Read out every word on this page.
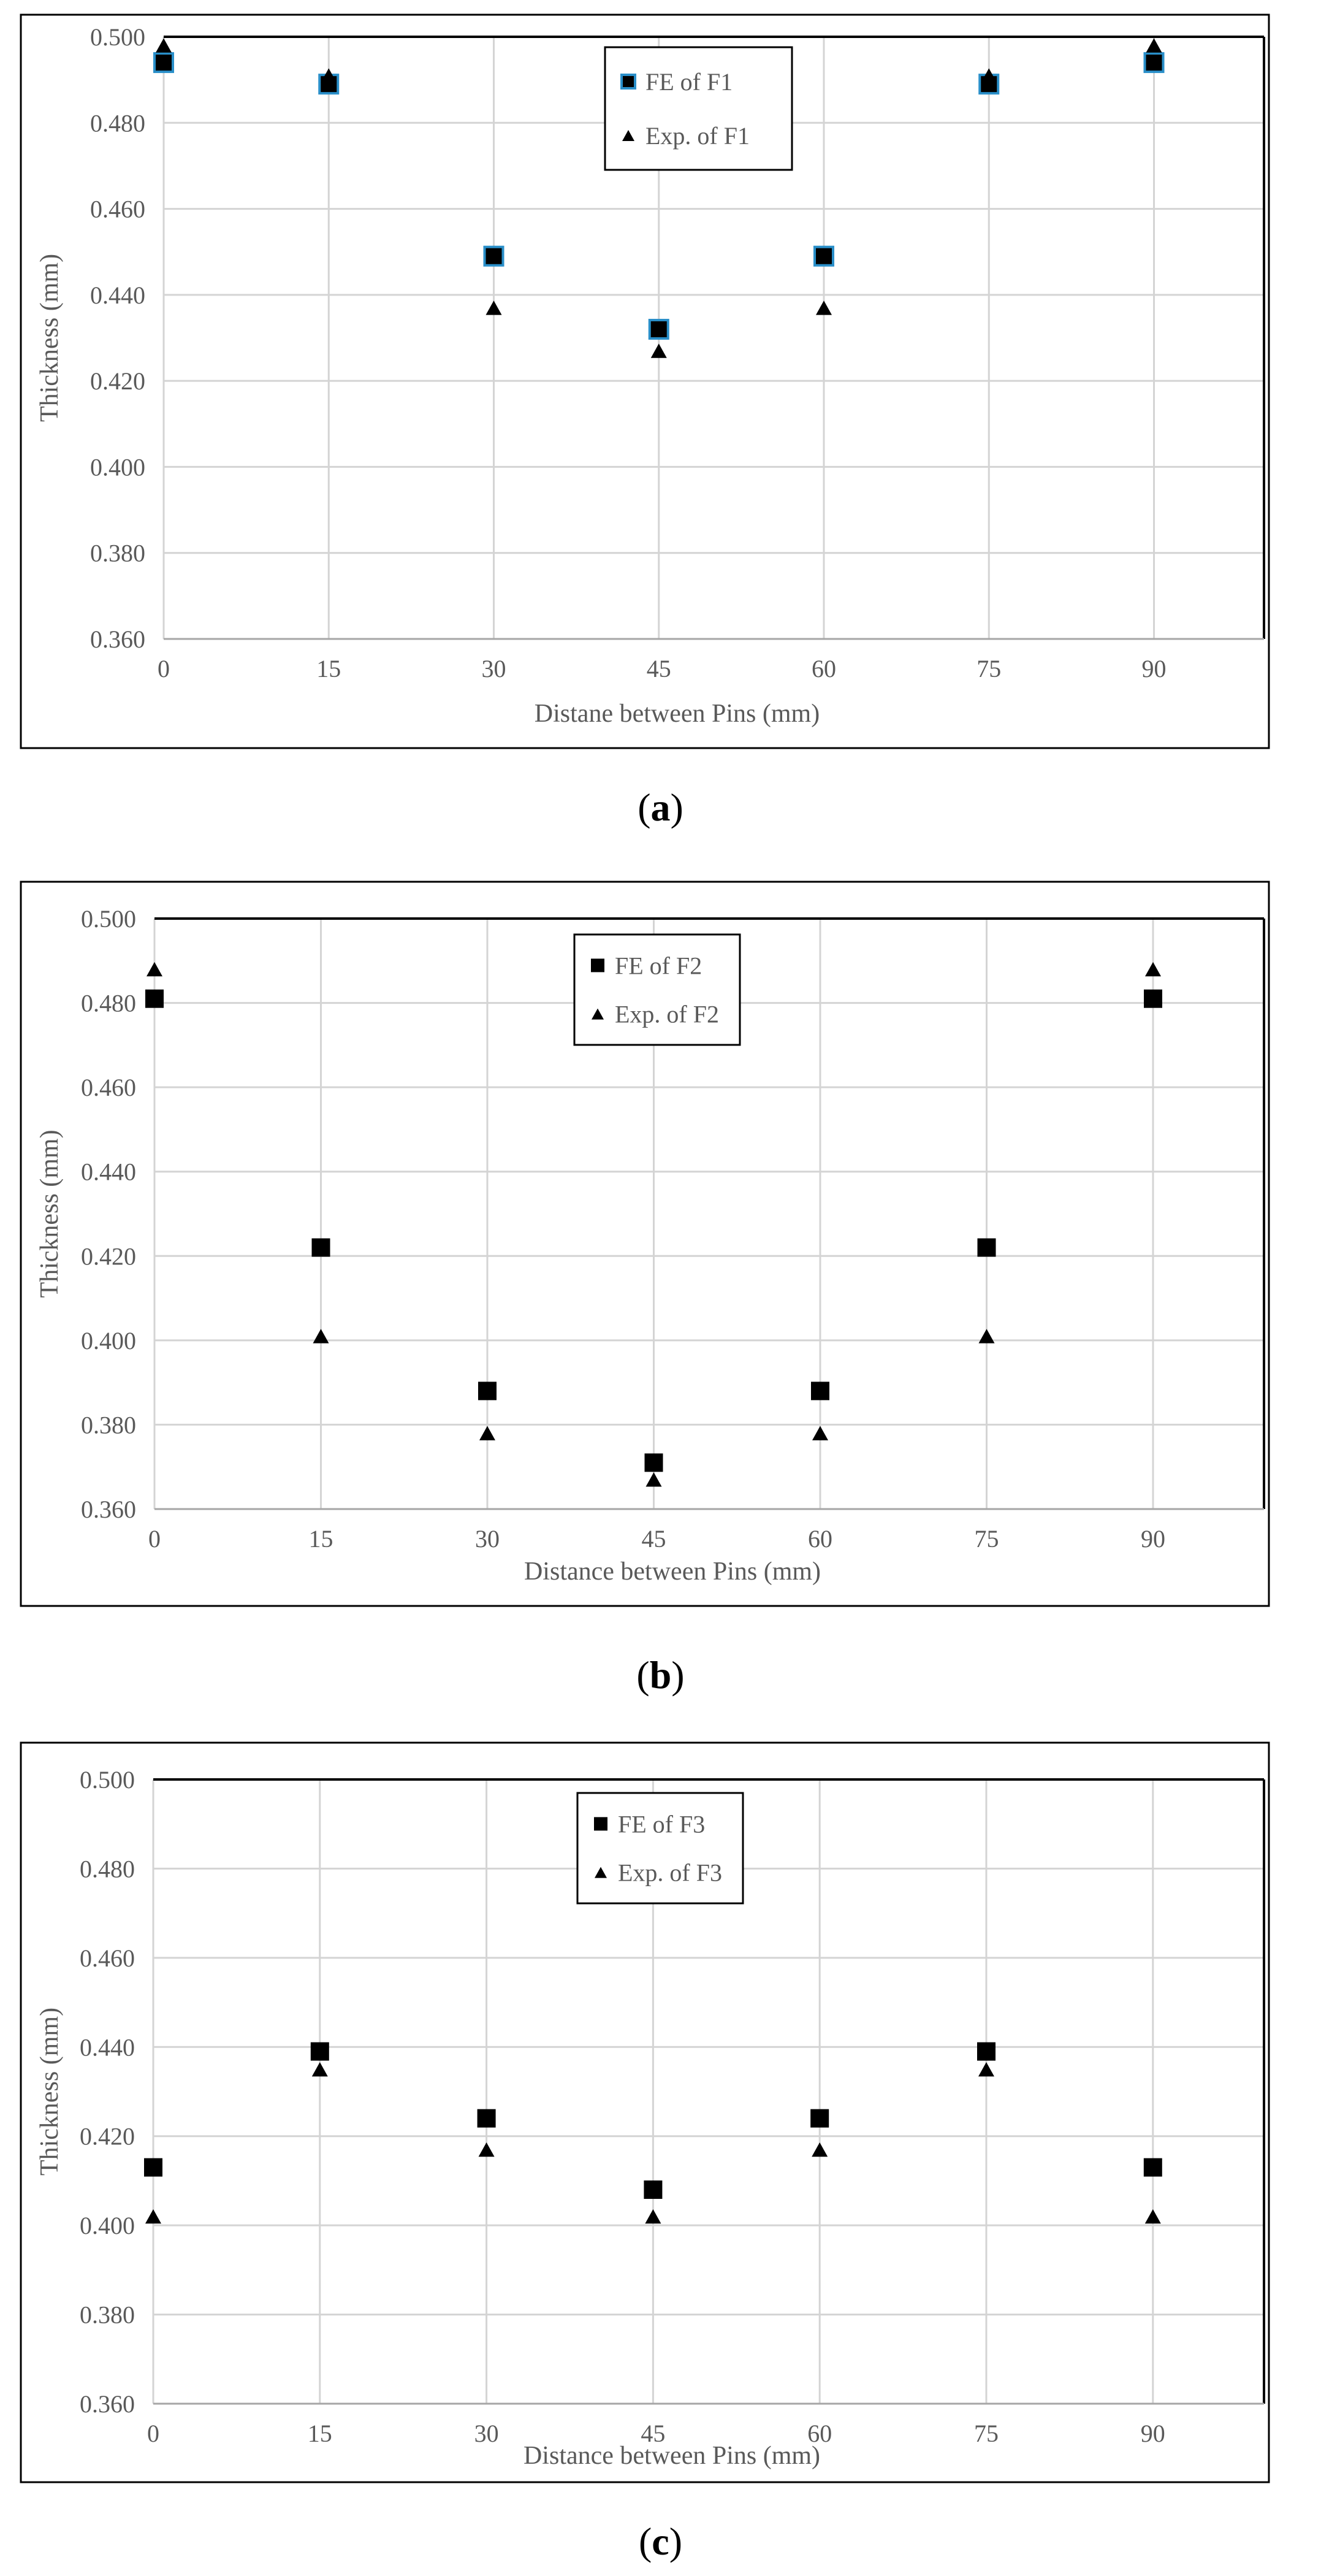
0.360
0.380
0.400
0.420
0.440
0.460
0.480
0.500
0	15	30	45	60	75	90
Distane between Pins (mm)
Thickness (mm)
FE of F1
Exp. of F1
(a)
0.360
0.380
0.400
0.420
0.440
0.460
0.480
0.500
0	15	30	45	60	75	90
Distance between Pins (mm)
Thickness (mm)
FE of F2
Exp. of F2
(b)
0.360
0.380
0.400
0.420
0.440
0.460
0.480
0.500
0	15	30	45	60	75	90
Distance between Pins (mm)
Thickness (mm)
FE of F3
Exp. of F3
(c)
